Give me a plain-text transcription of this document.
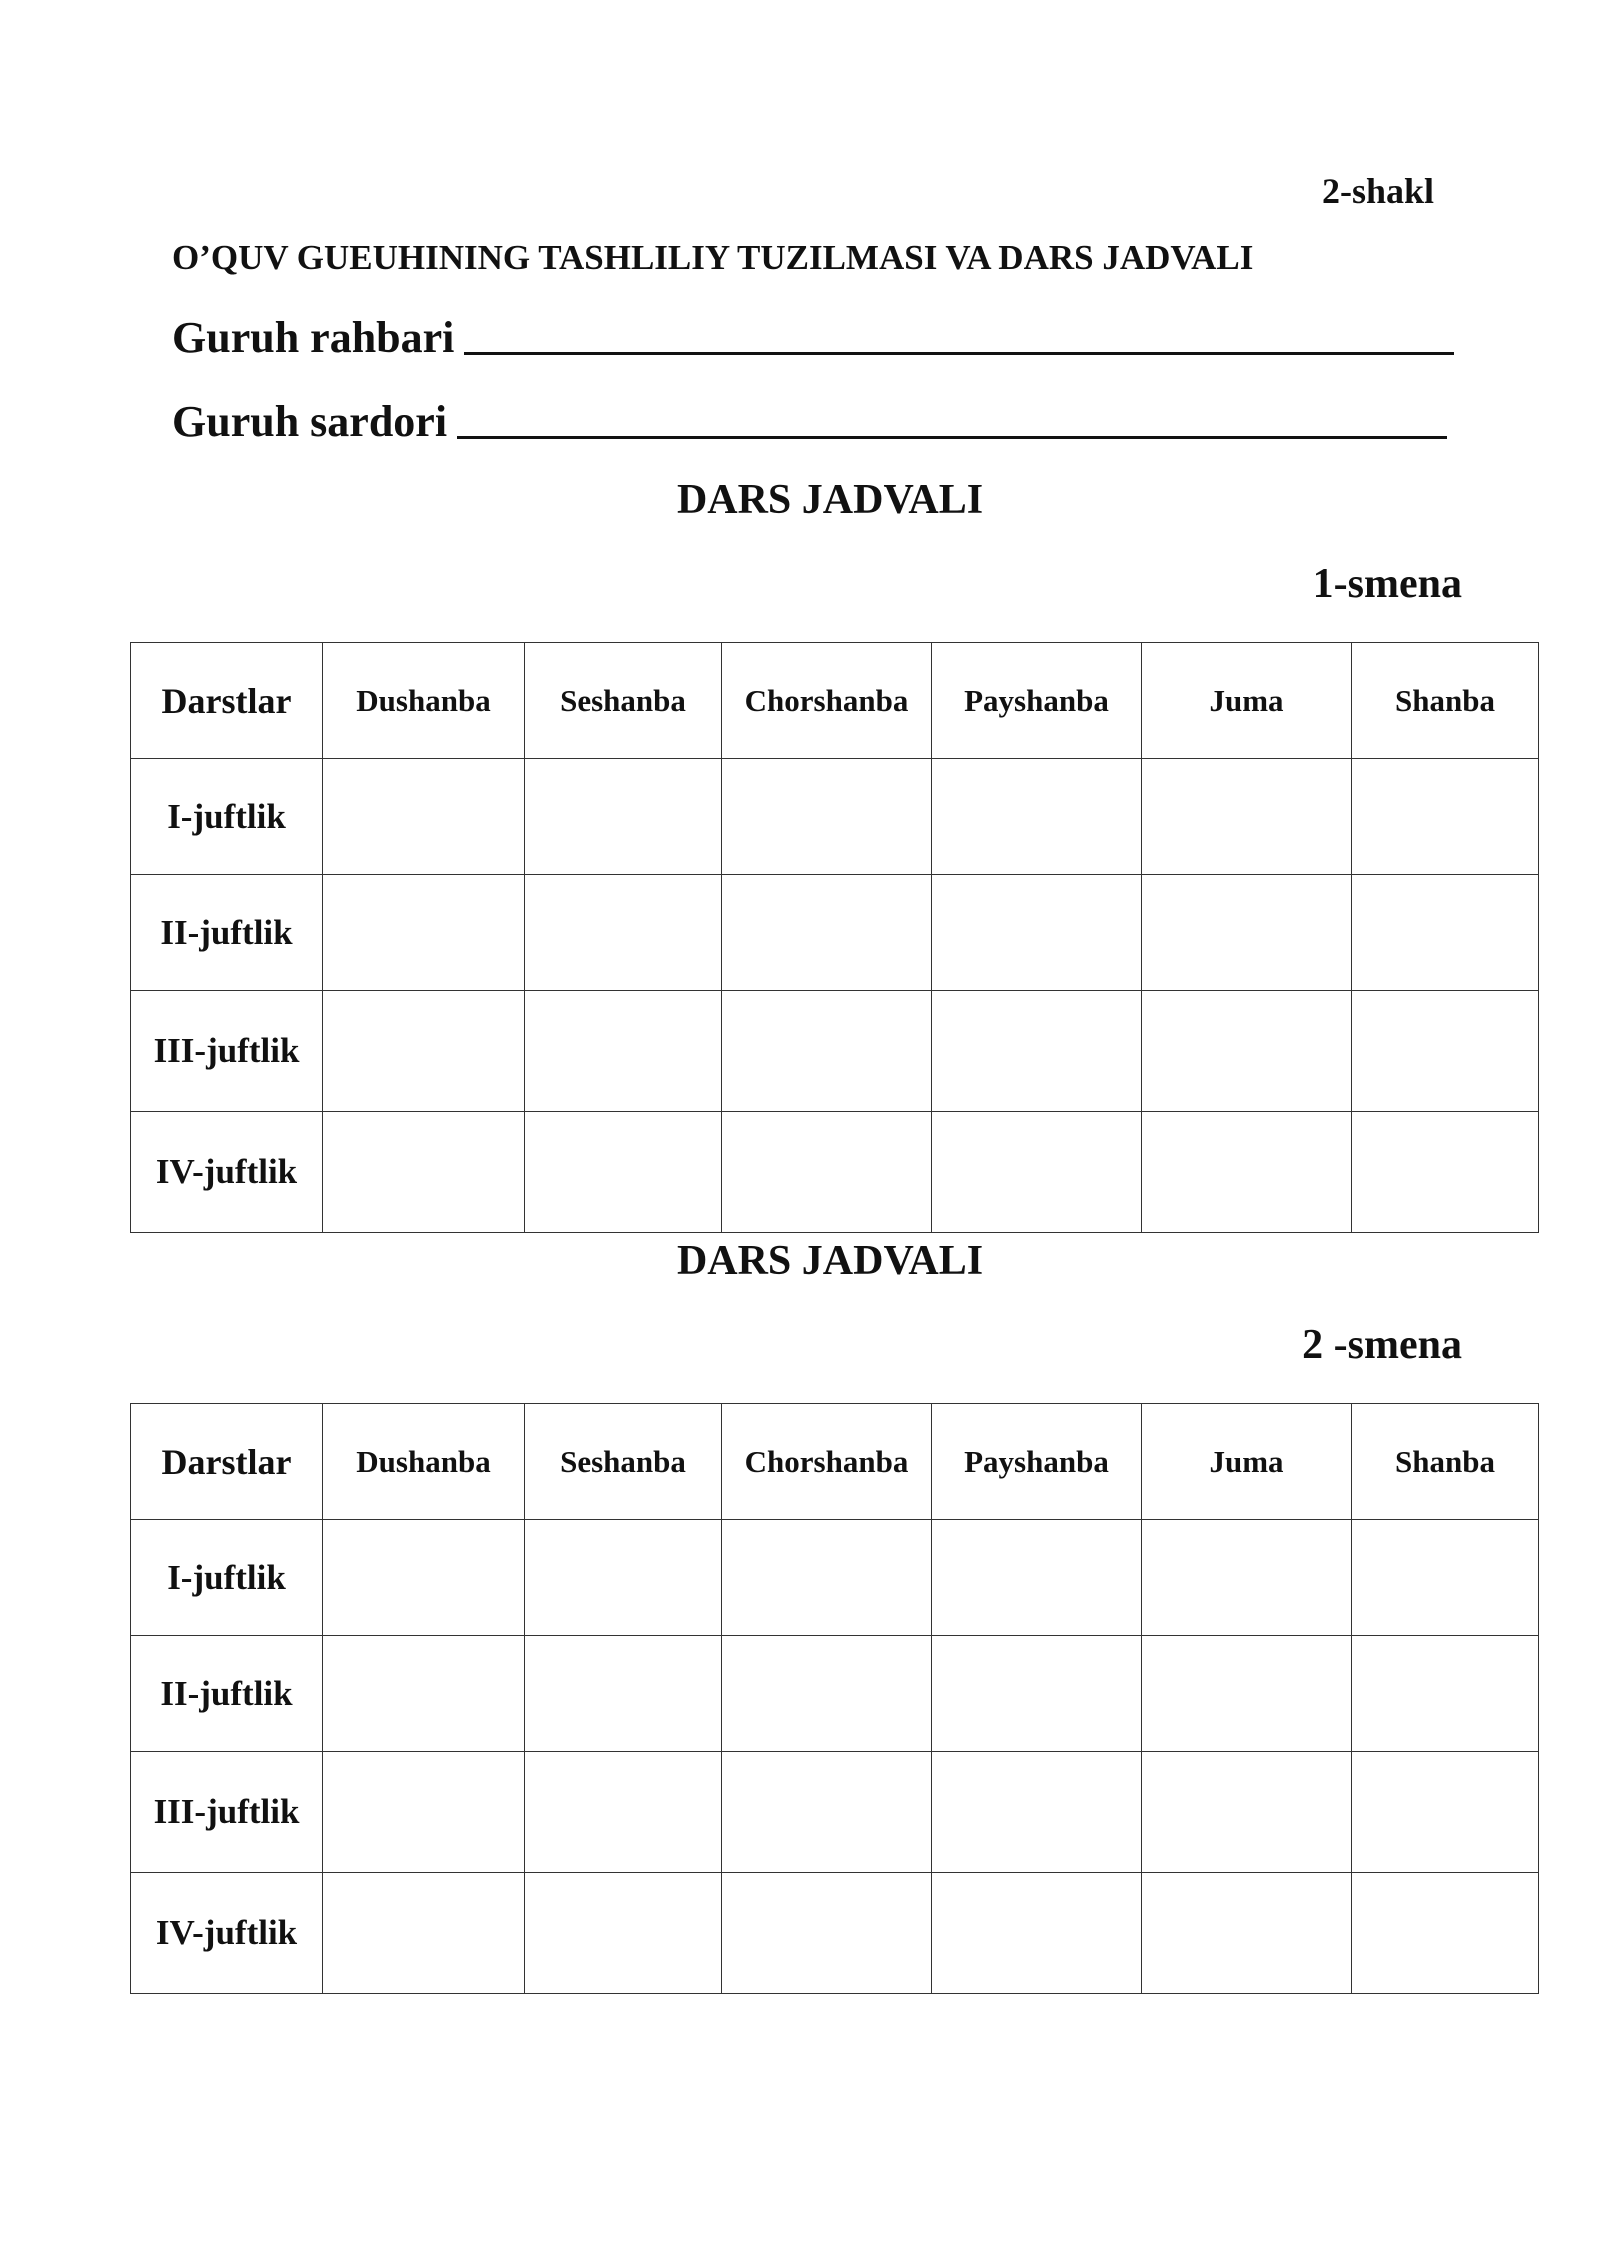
2-shakl
O’QUV GUEUHINING TASHLILIY TUZILMASI VA DARS JADVALI
Guruh rahbari
Guruh sardori
DARS JADVALI
1-smena
Darstlar	Dushanba	Seshanba	Chorshanba	Payshanba	Juma	Shanba
I-juftlik						
II-juftlik						
III-juftlik						
IV-juftlik						
DARS JADVALI
2 -smena
Darstlar	Dushanba	Seshanba	Chorshanba	Payshanba	Juma	Shanba
I-juftlik						
II-juftlik						
III-juftlik						
IV-juftlik						
